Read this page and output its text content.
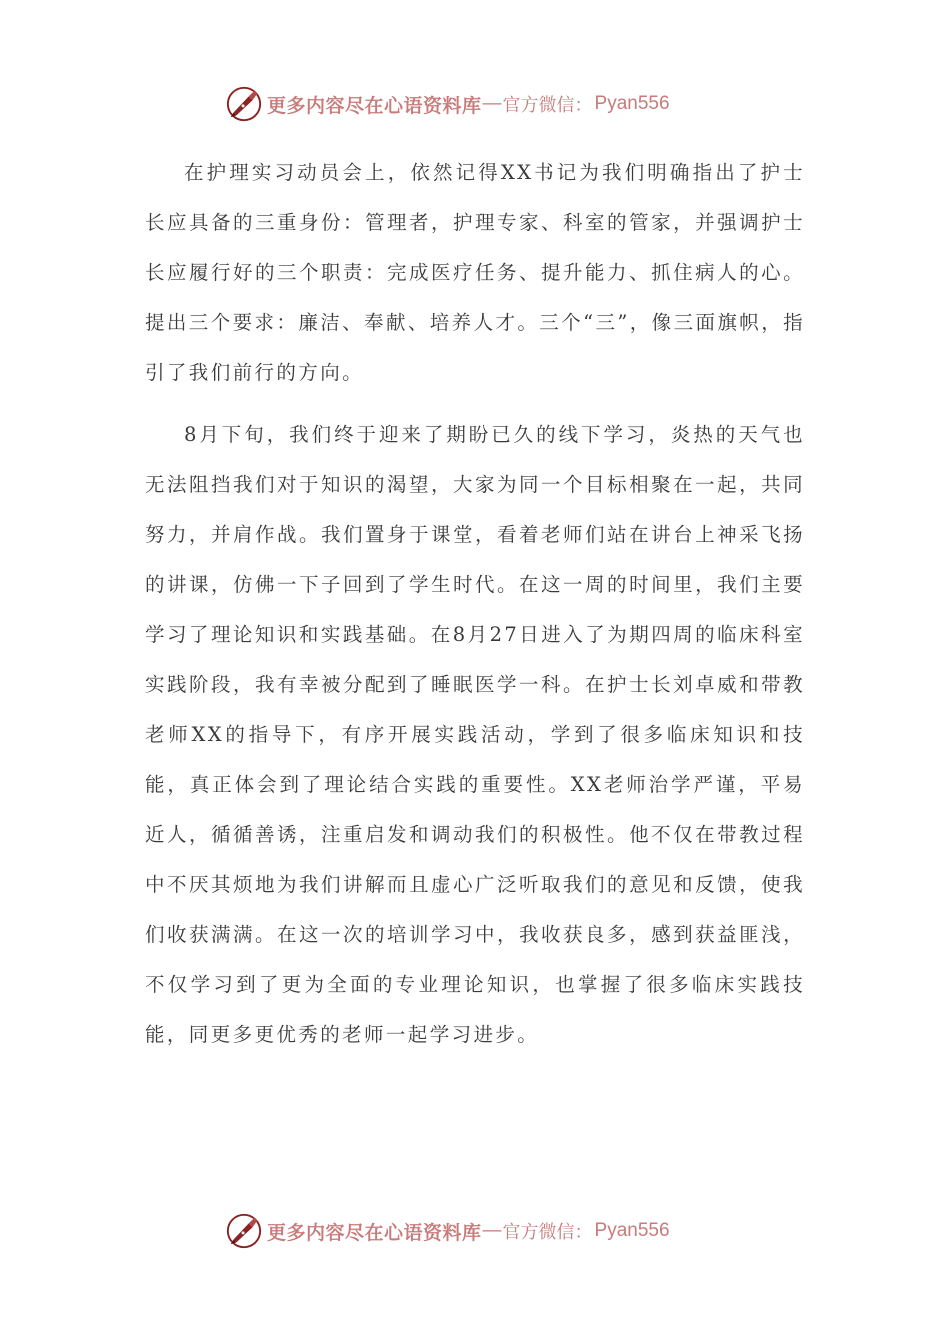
更多内容尽在心语资料库 — 官方微信： Pyan556

在护理实习动员会上，依然记得XX书记为我们明确指出了护士长应具备的三重身份：管理者，护理专家、科室的管家，并强调护士长应履行好的三个职责：完成医疗任务、提升能力、抓住病人的心。提出三个要求：廉洁、奉献、培养人才。三个“三”，像三面旗帜，指引了我们前行的方向。

8月下旬，我们终于迎来了期盼已久的线下学习，炎热的天气也无法阻挡我们对于知识的渴望，大家为同一个目标相聚在一起，共同努力，并肩作战。我们置身于课堂，看着老师们站在讲台上神采飞扬的讲课，仿佛一下子回到了学生时代。在这一周的时间里，我们主要学习了理论知识和实践基础。在8月27日进入了为期四周的临床科室实践阶段，我有幸被分配到了睡眠医学一科。在护士长刘卓威和带教老师XX的指导下，有序开展实践活动，学到了很多临床知识和技能，真正体会到了理论结合实践的重要性。XX老师治学严谨，平易近人，循循善诱，注重启发和调动我们的积极性。他不仅在带教过程中不厌其烦地为我们讲解而且虚心广泛听取我们的意见和反馈，使我们收获满满。在这一次的培训学习中，我收获良多，感到获益匪浅，不仅学习到了更为全面的专业理论知识，也掌握了很多临床实践技能，同更多更优秀的老师一起学习进步。

更多内容尽在心语资料库 — 官方微信： Pyan556
